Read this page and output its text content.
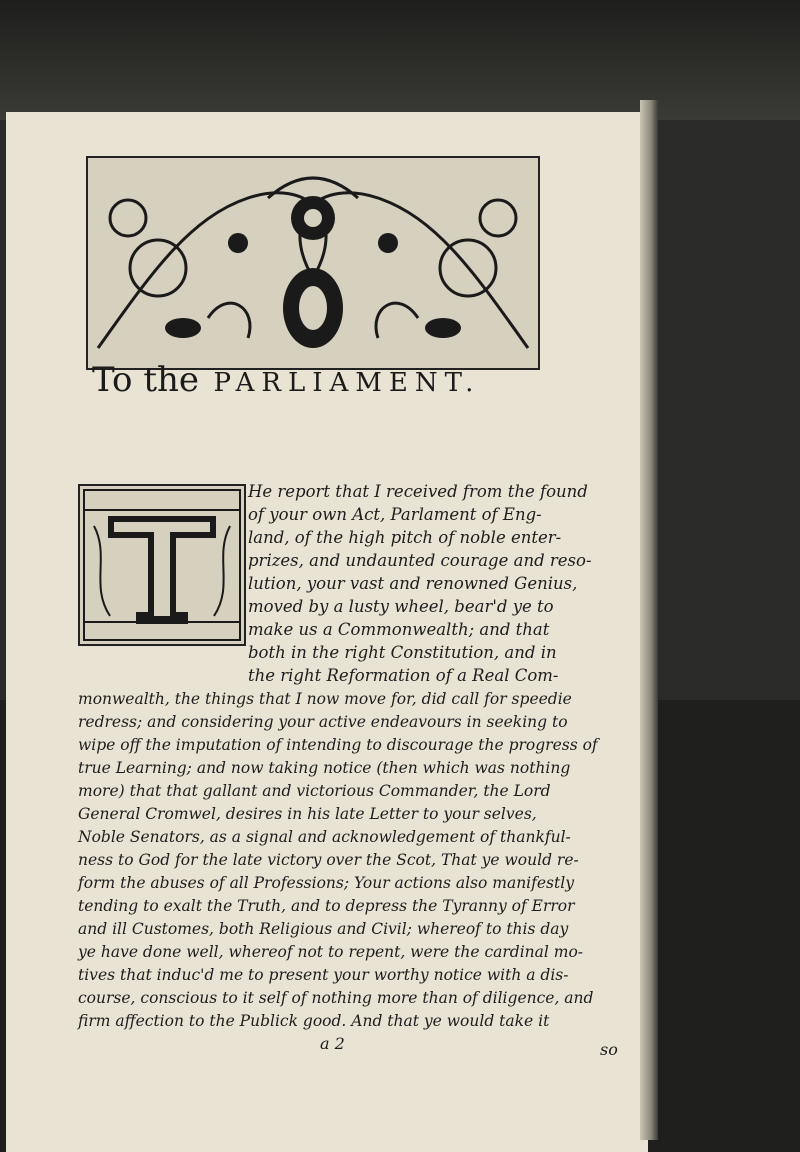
To the PARLIAMENT.
T
He report that I received from the found
of your own Act, Parlament of Eng-
land, of the high pitch of noble enter-
prizes, and undaunted courage and reso-
lution, your vast and renowned Genius,
moved by a lusty wheel, bear'd ye to
make us a Commonwealth; and that
both in the right Constitution, and in
the right Reformation of a Real Com-
monwealth, the things that I now move for, did call for speedie
redress; and considering your active endeavours in seeking to
wipe off the imputation of intending to discourage the progress of
true Learning; and now taking notice (then which was nothing
more) that that gallant and victorious Commander, the Lord
General Cromwel, desires in his late Letter to your selves,
Noble Senators, as a signal and acknowledgement of thankful-
ness to God for the late victory over the Scot, That ye would re-
form the abuses of all Professions; Your actions also manifestly
tending to exalt the Truth, and to depress the Tyranny of Error
and ill Customes, both Religious and Civil; whereof to this day
ye have done well, whereof not to repent, were the cardinal mo-
tives that induc'd me to present your worthy notice with a dis-
course, conscious to it self of nothing more than of diligence, and
firm affection to the Publick good. And that ye would take it
a 2	so
